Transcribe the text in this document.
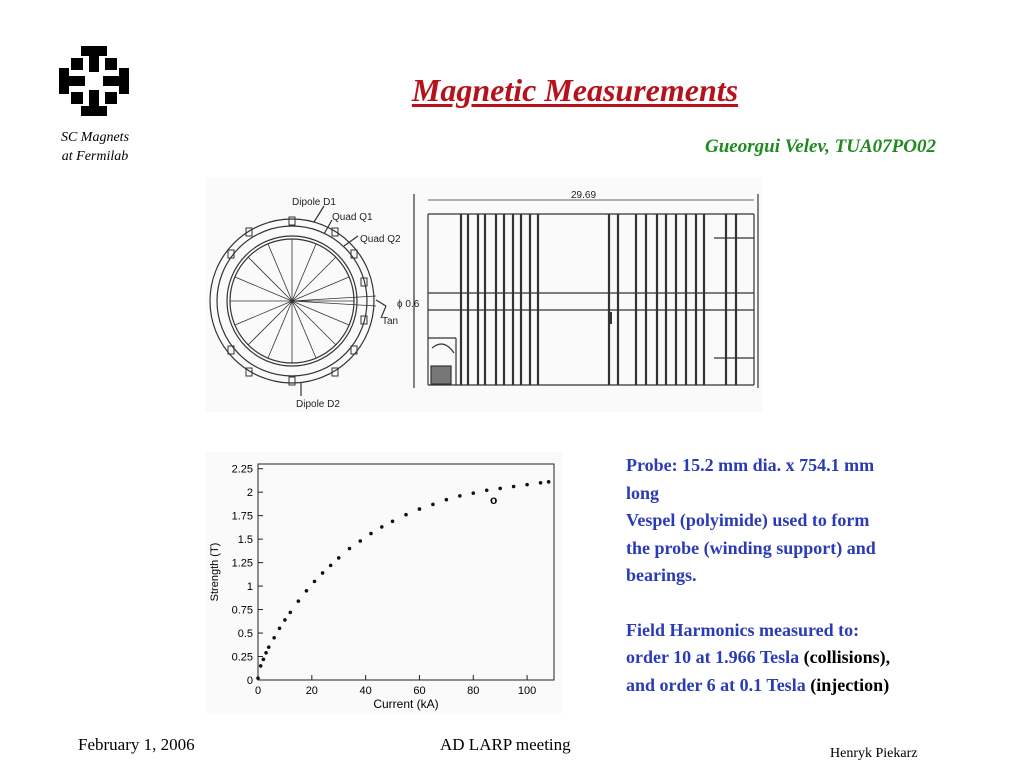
SC Magnets
at Fermilab
Magnetic Measurements
Gueorgui Velev, TUA07PO02
Dipole D1
Quad Q1
Quad Q2
Tan
Dipole D2
29.69
ϕ 0.6
0
0.25
0.5
0.75
1
1.25
1.5
1.75
2
2.25
0	20	40	60	80	100
Strength (T)
Current (kA)
o

Probe: 15.2 mm dia. x 754.1 mm

long

Vespel (polyimide) used to form

the probe (winding support) and

bearings.

Field Harmonics measured to:

order 10 at 1.966 Tesla (collisions),

and order 6 at 0.1 Tesla (injection)

February 1, 2006	AD LARP meeting	Henryk Piekarz
